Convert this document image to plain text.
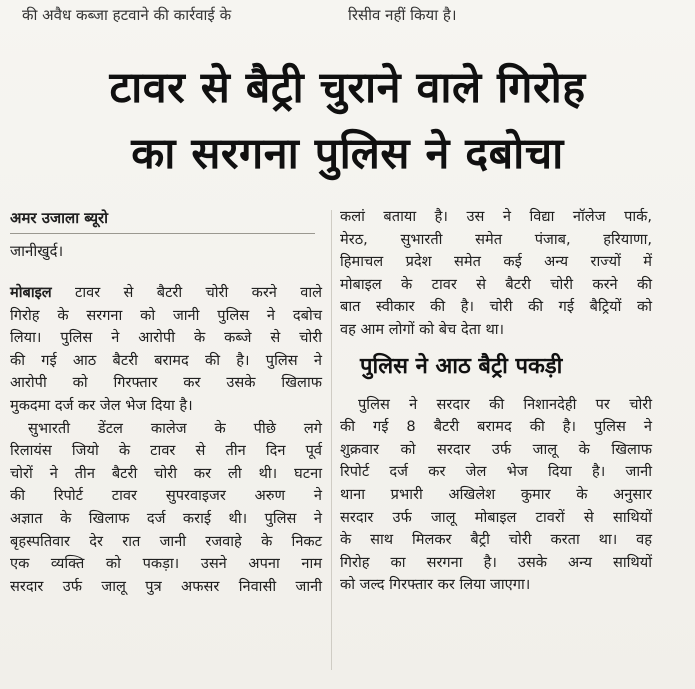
की अवैध कब्जा हटवाने की कार्रवाई के	रिसीव नहीं किया है।
टावर से बैट्री चुराने वाले गिरोह
का सरगना पुलिस ने दबोचा
अमर उजाला ब्यूरो
जानीखुर्द।

मोबाइल टावर से बैटरी चोरी करने वाले
गिरोह के सरगना को जानी पुलिस ने दबोच
लिया। पुलिस ने आरोपी के कब्जे से चोरी
की गई आठ बैटरी बरामद की है। पुलिस ने
आरोपी को गिरफ्तार कर उसके खिलाफ
मुकदमा दर्ज कर जेल भेज दिया है।

सुभारती डेंटल कालेज के पीछे लगे
रिलायंस जियो के टावर से तीन दिन पूर्व
चोरों ने तीन बैटरी चोरी कर ली थी। घटना
की रिपोर्ट टावर सुपरवाइजर अरुण ने
अज्ञात के खिलाफ दर्ज कराई थी। पुलिस ने
बृहस्पतिवार देर रात जानी रजवाहे के निकट
एक व्यक्ति को पकड़ा। उसने अपना नाम
सरदार उर्फ जालू पुत्र अफसर निवासी जानी

कलां बताया है। उस ने विद्या नॉलेज पार्क,
मेरठ, सुभारती समेत पंजाब, हरियाणा,
हिमाचल प्रदेश समेत कई अन्य राज्यों में
मोबाइल के टावर से बैटरी चोरी करने की
बात स्वीकार की है। चोरी की गई बैट्रियों को
वह आम लोगों को बेच देता था।

पुलिस ने आठ बैट्री पकड़ी

पुलिस ने सरदार की निशानदेही पर चोरी
की गई 8 बैटरी बरामद की है। पुलिस ने
शुक्रवार को सरदार उर्फ जालू के खिलाफ
रिपोर्ट दर्ज कर जेल भेज दिया है। जानी
थाना प्रभारी अखिलेश कुमार के अनुसार
सरदार उर्फ जालू मोबाइल टावरों से साथियों
के साथ मिलकर बैट्री चोरी करता था। वह
गिरोह का सरगना है। उसके अन्य साथियों
को जल्द गिरफ्तार कर लिया जाएगा।
